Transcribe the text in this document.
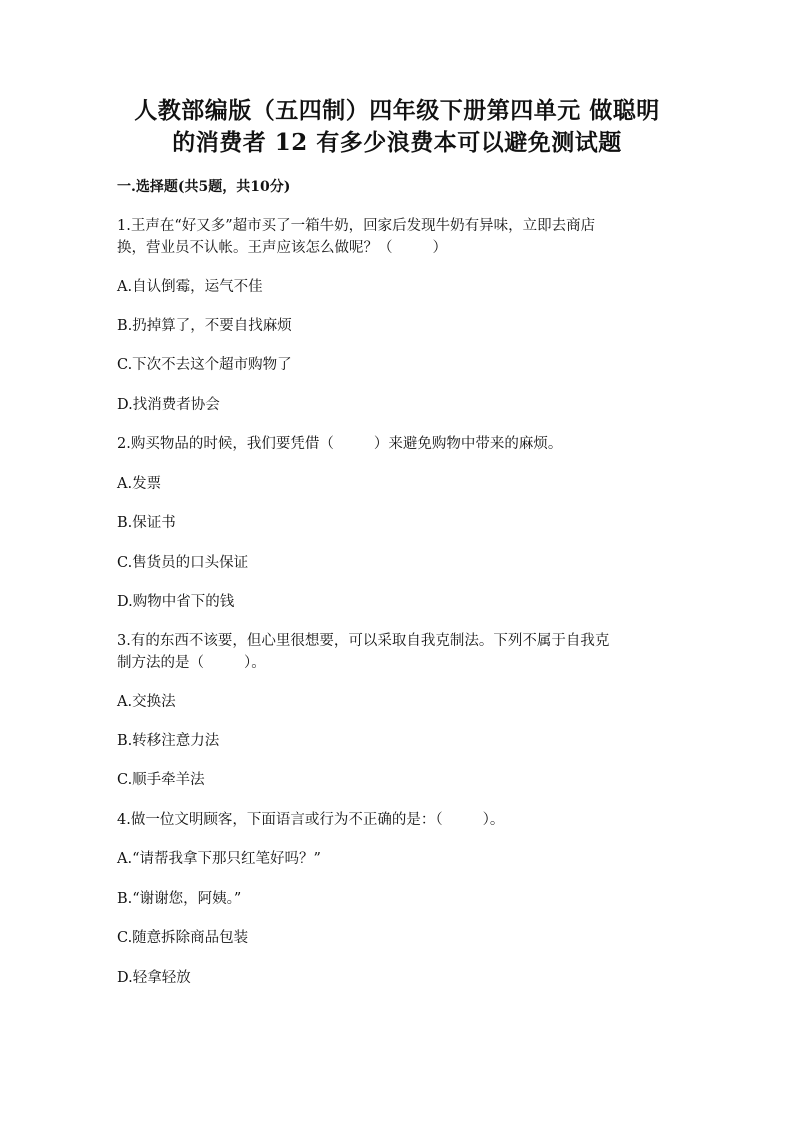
人教部编版（五四制）四年级下册第四单元 做聪明
的消费者 12 有多少浪费本可以避免测试题
一.选择题(共5题，共10分)
1.王声在“好又多”超市买了一箱牛奶，回家后发现牛奶有异味，立即去商店
换，营业员不认帐。王声应该怎么做呢？（	）
A.自认倒霉，运气不佳
B.扔掉算了，不要自找麻烦
C.下次不去这个超市购物了
D.找消费者协会
2.购买物品的时候，我们要凭借（	）来避免购物中带来的麻烦。
A.发票
B.保证书
C.售货员的口头保证
D.购物中省下的钱
3.有的东西不该要，但心里很想要，可以采取自我克制法。下列不属于自我克
制方法的是（	）。
A.交换法
B.转移注意力法
C.顺手牵羊法
4.做一位文明顾客，下面语言或行为不正确的是：（	）。
A.“请帮我拿下那只红笔好吗？”
B.“谢谢您，阿姨。”
C.随意拆除商品包装
D.轻拿轻放
